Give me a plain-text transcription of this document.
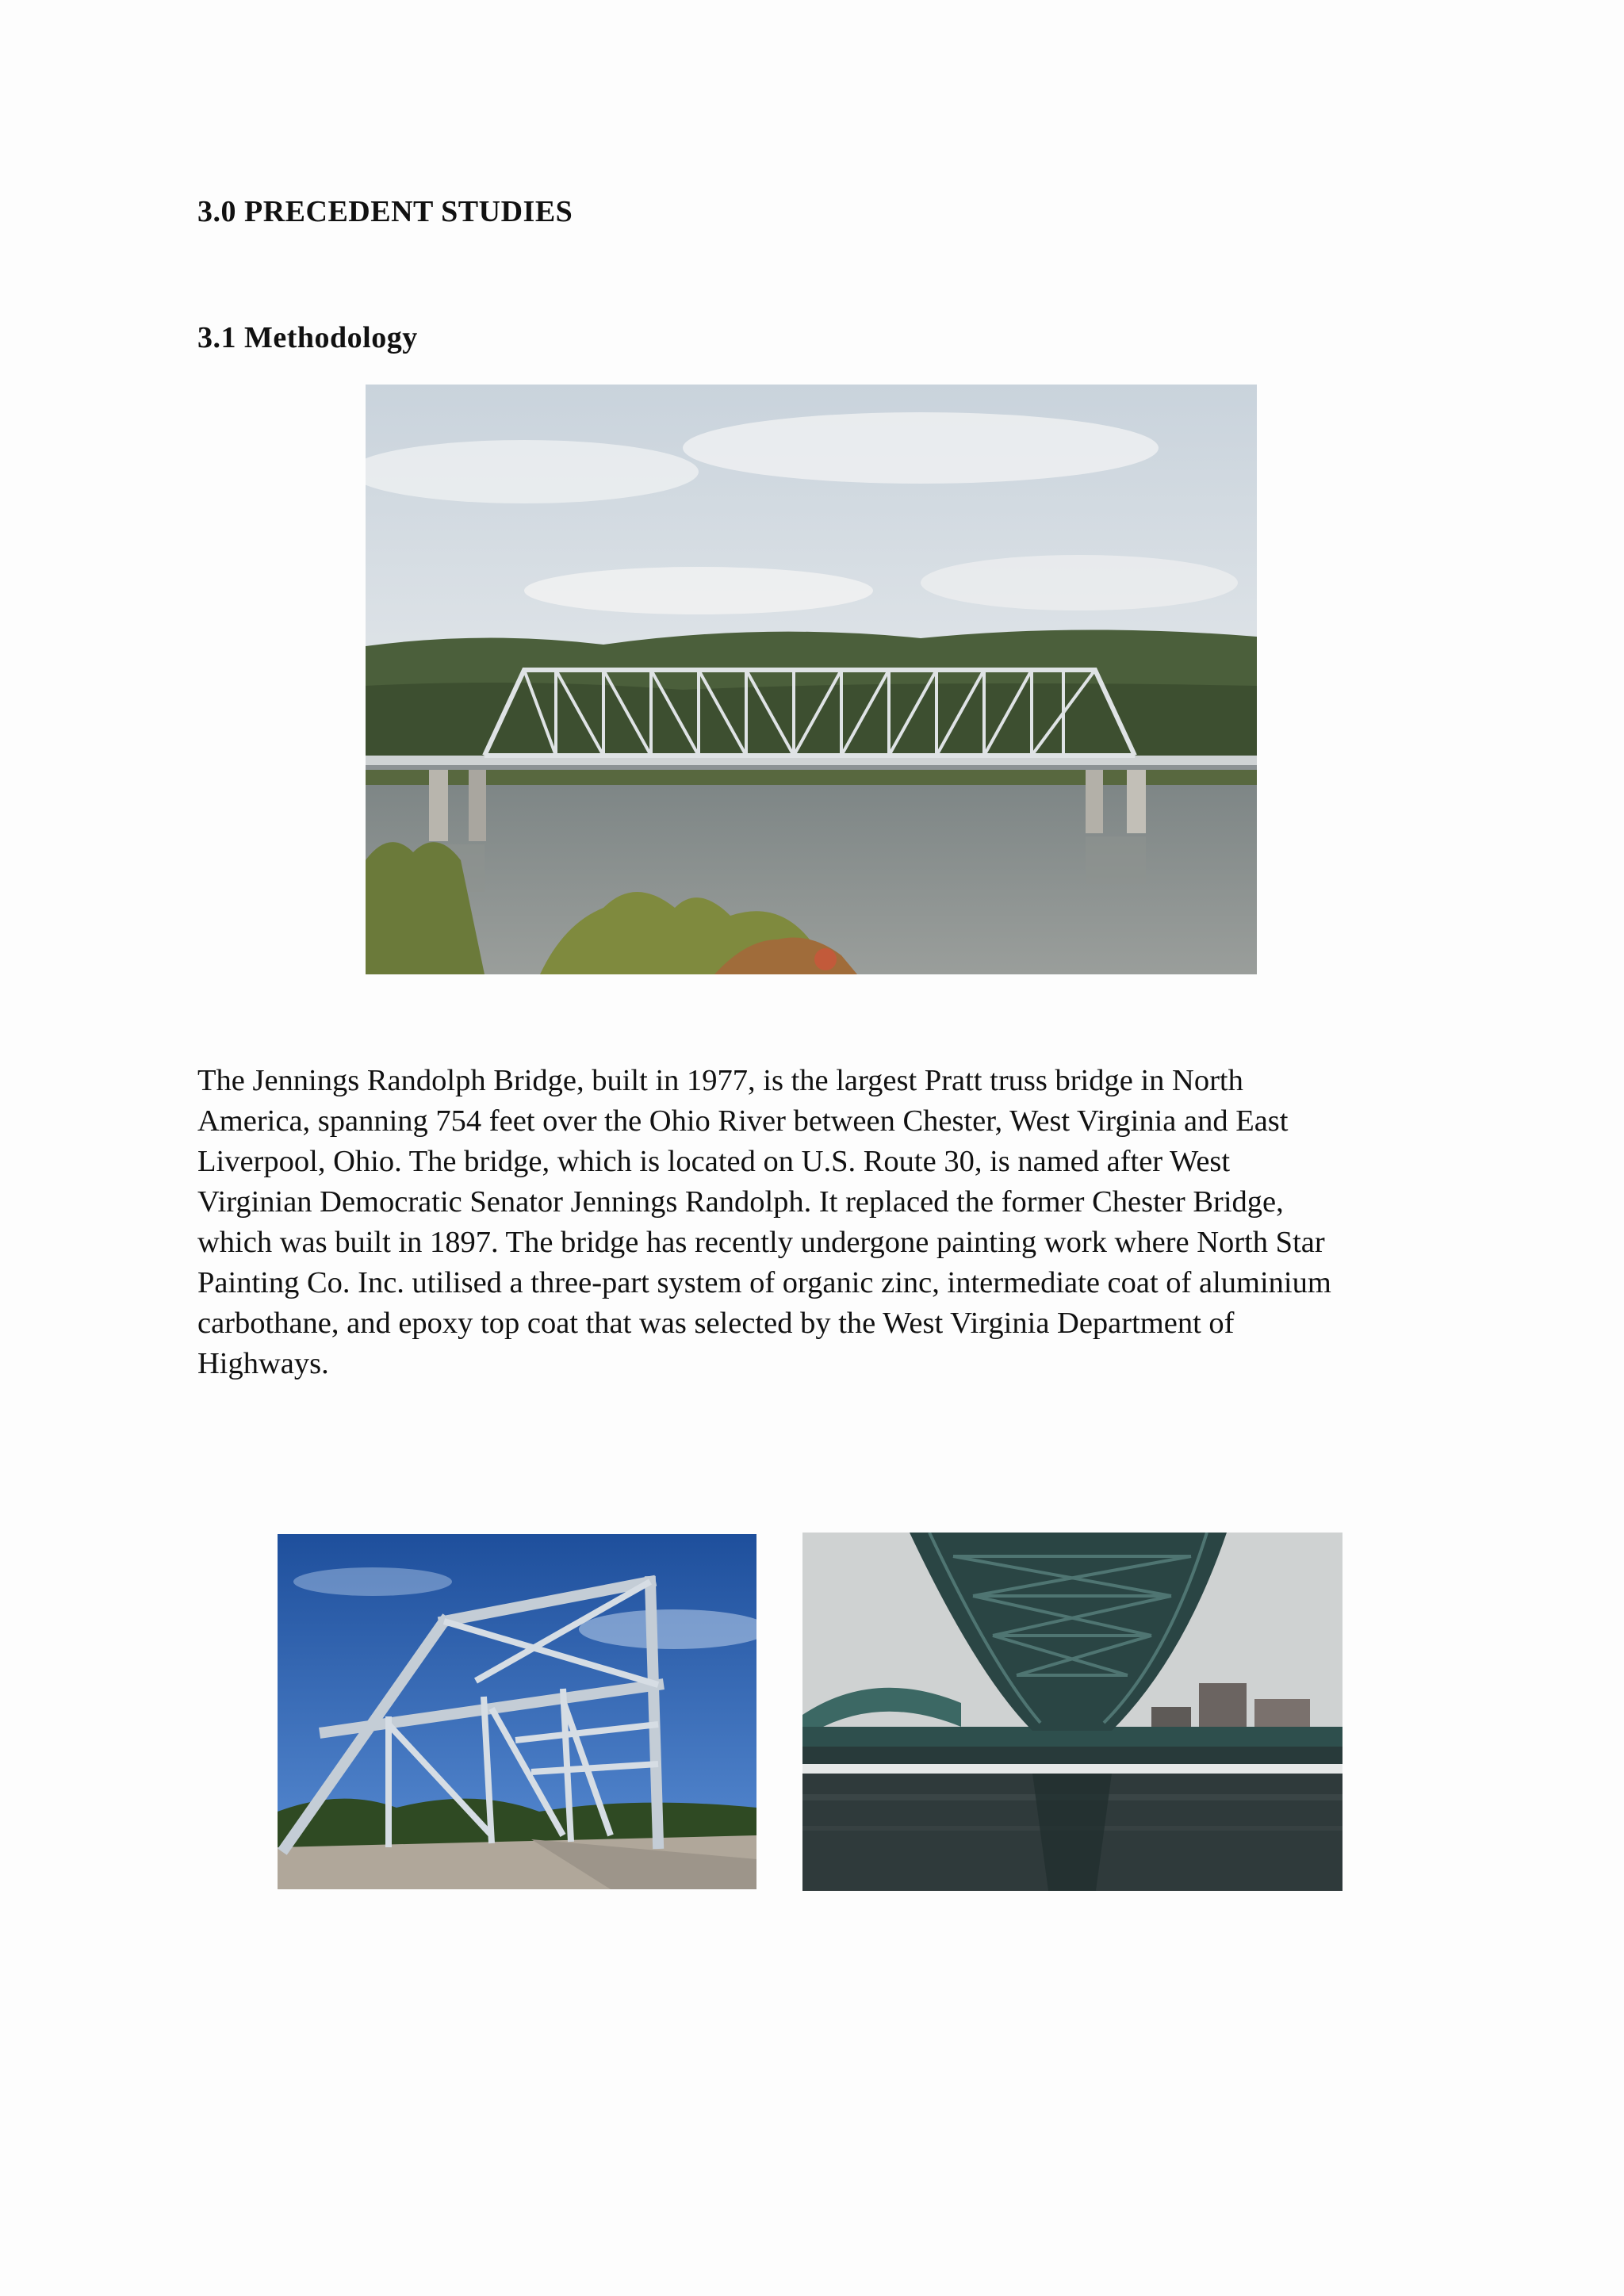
3.0 PRECEDENT STUDIES
3.1 Methodology
The Jennings Randolph Bridge, built in 1977, is the largest Pratt truss bridge in North
America, spanning 754 feet over the Ohio River between Chester, West Virginia and East
Liverpool, Ohio. The bridge, which is located on U.S. Route 30, is named after West
Virginian Democratic Senator Jennings Randolph. It replaced the former Chester Bridge,
which was built in 1897. The bridge has recently undergone painting work where North Star
Painting Co. Inc. utilised a three-part system of organic zinc, intermediate coat of aluminium
carbothane, and epoxy top coat that was selected by the West Virginia Department of
Highways.
